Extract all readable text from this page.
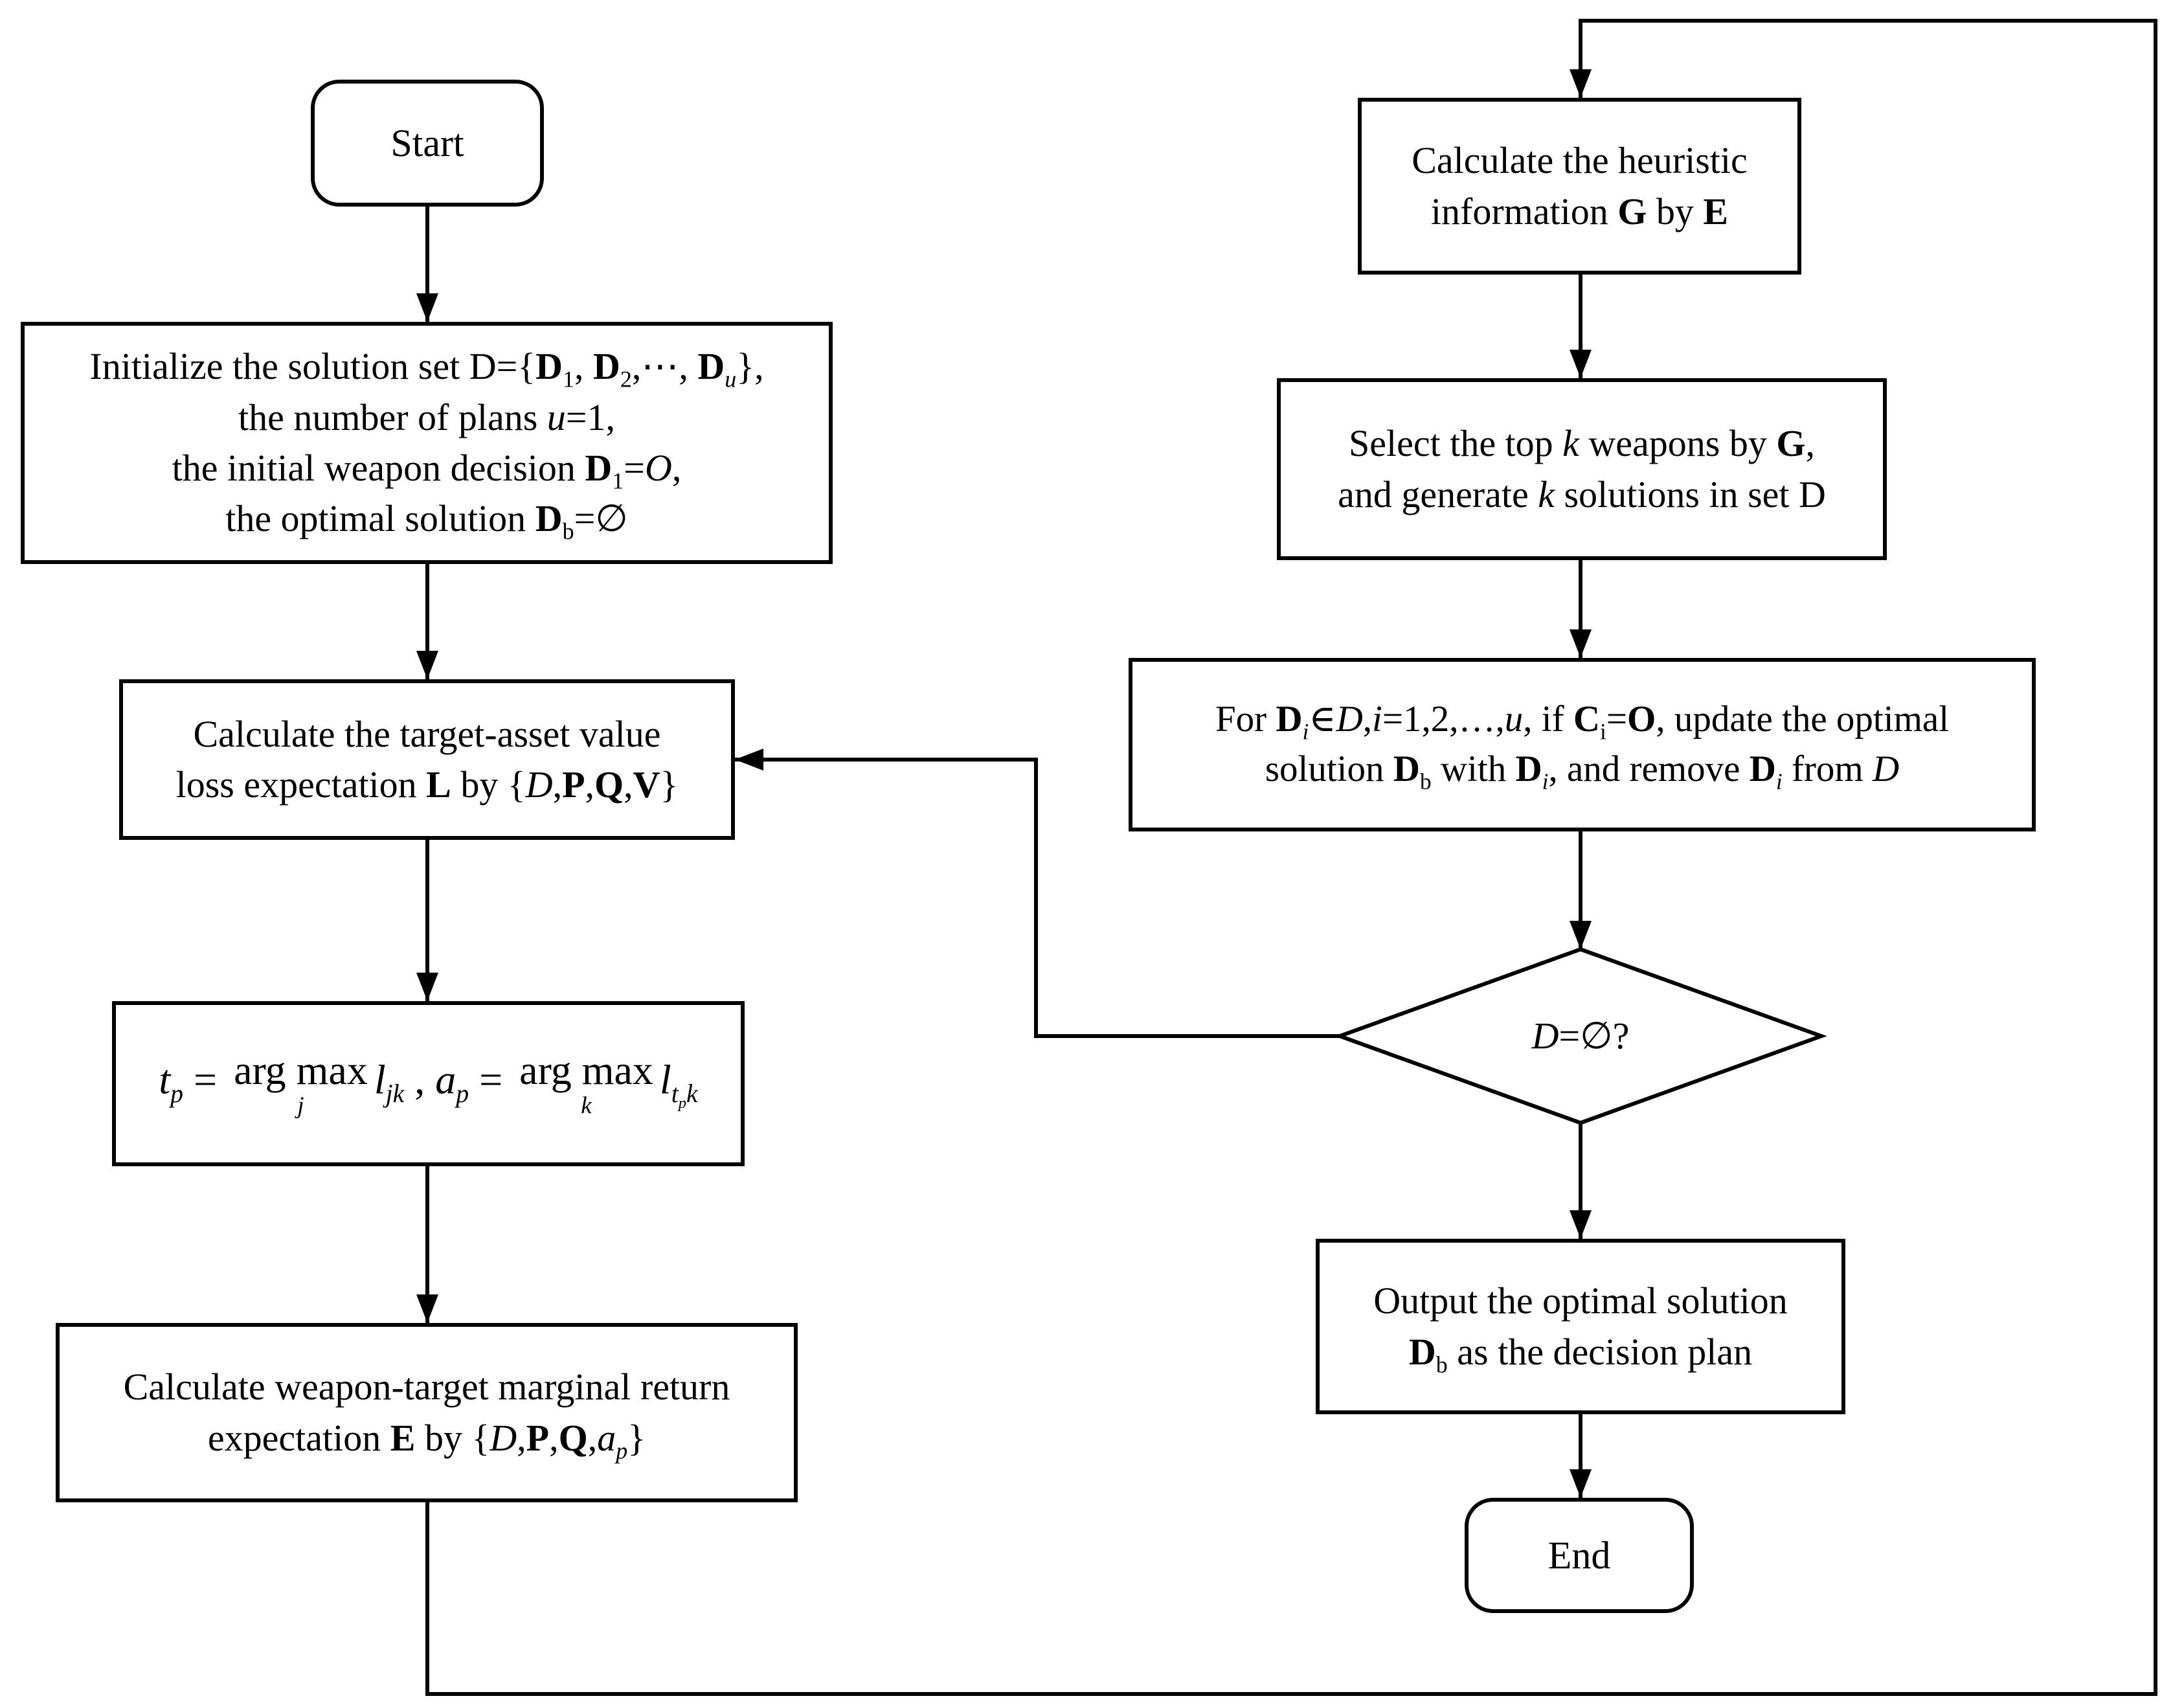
Start
Initialize the solution set $D=\{D_1$, $D_2,\cdots$, $D_u$},
the number of plans u=1,
the initial weapon decision $D_1=O$,
the optimal solution $D_b=\emptyset$
Calculate the target-asset value
loss expectation L by {D,P,Q,V}
$t_p$ = arg max
j
$l_{jk}$ , $a_p$ = arg max
k
$l_{t_pk}$
Calculate weapon-target marginal return
expectation E by $\{D,P,Q,a_p\}$
Calculate the heuristic
information G by E
Select the top k weapons by G,
and generate k solutions in set D
For $D_i\in D,i=1,2,\dots,u$, if $C_i=O$, update the optimal
solution $D_b$ with $D_i$, and remove $D_i$ from D
D=∅?
Output the optimal solution
$D_b$ as the decision plan
End
